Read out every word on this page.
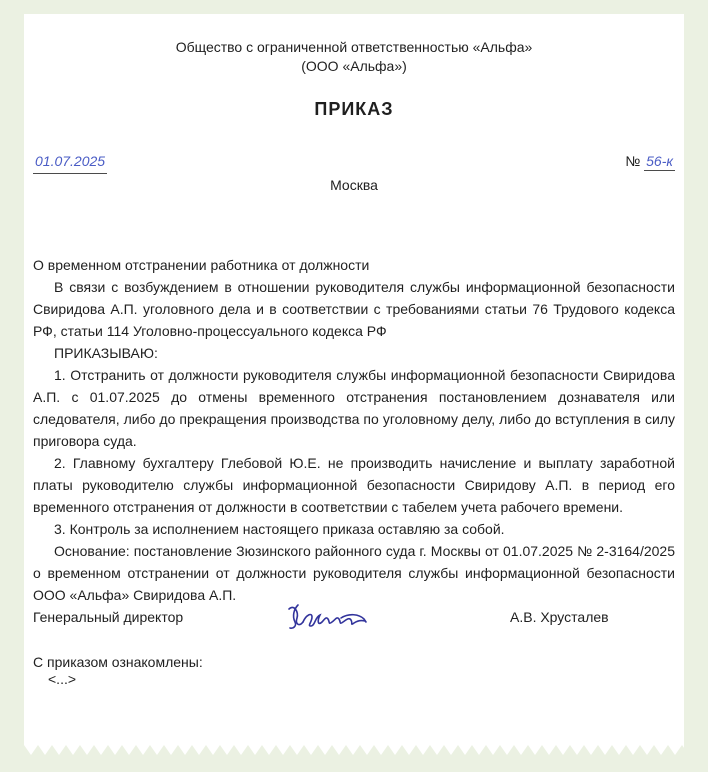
Общество с ограниченной ответственностью «Альфа»
(ООО «Альфа»)
ПРИКАЗ
01.07.2025	№ 56-к
Москва
О временном отстранении работника от должности

В связи с возбуждением в отношении руководителя службы информационной безопасности Свиридова А.П. уголовного дела и в соответствии с требованиями статьи 76 Трудового кодекса РФ, статьи 114 Уголовно-процессуального кодекса РФ

ПРИКАЗЫВАЮ:

1. Отстранить от должности руководителя службы информационной безопасности Свиридова А.П. с 01.07.2025 до отмены временного отстранения постановлением дознавателя или следователя, либо до прекращения производства по уголовному делу, либо до вступления в силу приговора суда.

2. Главному бухгалтеру Глебовой Ю.Е. не производить начисление и выплату заработной платы руководителю службы информационной безопасности Свиридову А.П. в период его временного отстранения от должности в соответствии с табелем учета рабочего времени.

3. Контроль за исполнением настоящего приказа оставляю за собой.

Основание: постановление Зюзинского районного суда г. Москвы от 01.07.2025 № 2-3164/2025 о временном отстранении от должности руководителя службы информационной безопасности ООО «Альфа» Свиридова А.П.

Генеральный директор	А.В. Хрусталев

С приказом ознакомлены:

<...>
